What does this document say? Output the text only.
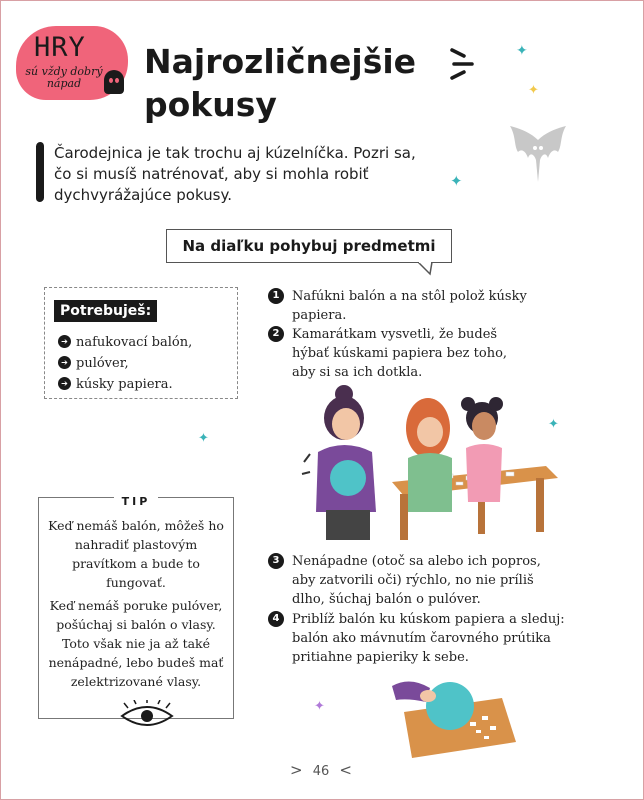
HRY
sú vždy dobrý nápad
Najrozličnejšie
pokusy
✦
✦
✦
✦
✦
✦
Čarodejnica je tak trochu aj kúzelníčka. Pozri sa, čo si musíš natrénovať, aby si mohla robiť dychvyrážajúce pokusy.
Na diaľku pohybuj predmetmi
Potrebuješ:
➔ nafukovací balón,
➔ pulóver,
➔ kúsky papiera.
1 Nafúkni balón a na stôl polož kúsky papiera.
2 Kamarátkam vysvetli, že budeš hýbať kúskami papiera bez toho, aby si sa ich dotkla.
3 Nenápadne (otoč sa alebo ich popros, aby zatvorili oči) rýchlo, no nie príliš dlho, šúchaj balón o pulóver.
4 Priblíž balón ku kúskom papiera a sleduj: balón ako mávnutím čarovného prútika pritiahne papieriky k sebe.
TIP
Keď nemáš balón, môžeš ho nahradiť plastovým pravítkom a bude to fungovať.
Keď nemáš poruke pulóver, pošúchaj si balón o vlasy. Toto však nie ja až také nenápadné, lebo budeš mať zelektrizované vlasy.
> 46 <
